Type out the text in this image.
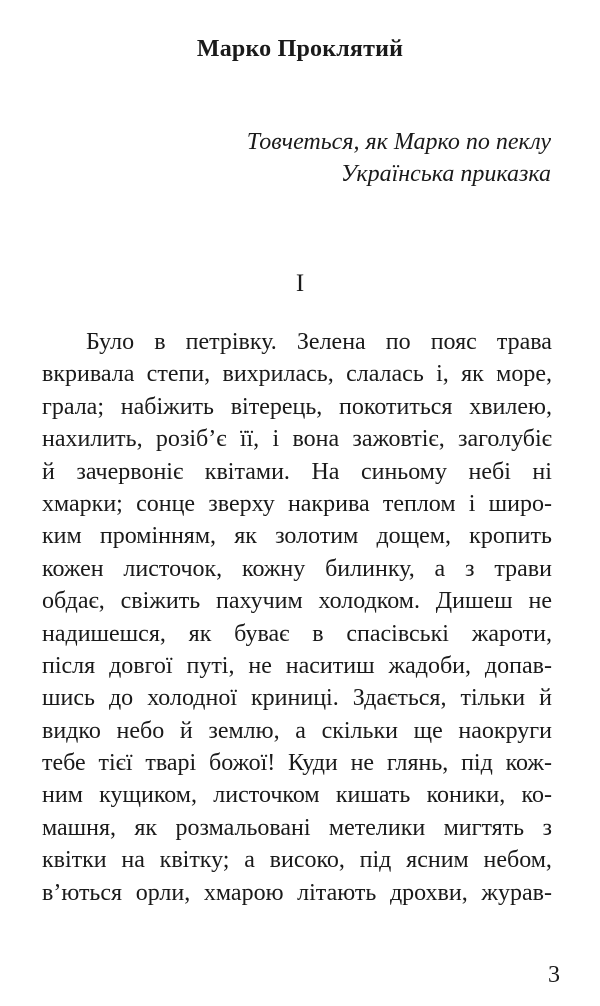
Марко Проклятий
Товчеться, як Марко по пеклу
Українська приказка
I
Було в петрівку. Зелена по пояс трава
вкривала степи, вихрилась, слалась і, як море,
грала; набіжить вітерець, покотиться хвилею,
нахилить, розіб’є її, і вона зажовтіє, заголубіє
й зачервоніє квітами. На синьому небі ні
хмарки; сонце зверху накрива теплом і широ-
ким промінням, як золотим дощем, кропить
кожен листочок, кожну билинку, а з трави
обдає, свіжить пахучим холодком. Дишеш не
надишешся, як буває в спасівські жароти,
після довгої путі, не наситиш жадоби, допав-
шись до холодної криниці. Здається, тільки й
видко небо й землю, а скільки ще наокруги
тебе тієї тварі божої! Куди не глянь, під кож-
ним кущиком, листочком кишать коники, ко-
машня, як розмальовані метелики мигтять з
квітки на квітку; а високо, під ясним небом,
в’ються орли, хмарою літають дрохви, журав-
3
